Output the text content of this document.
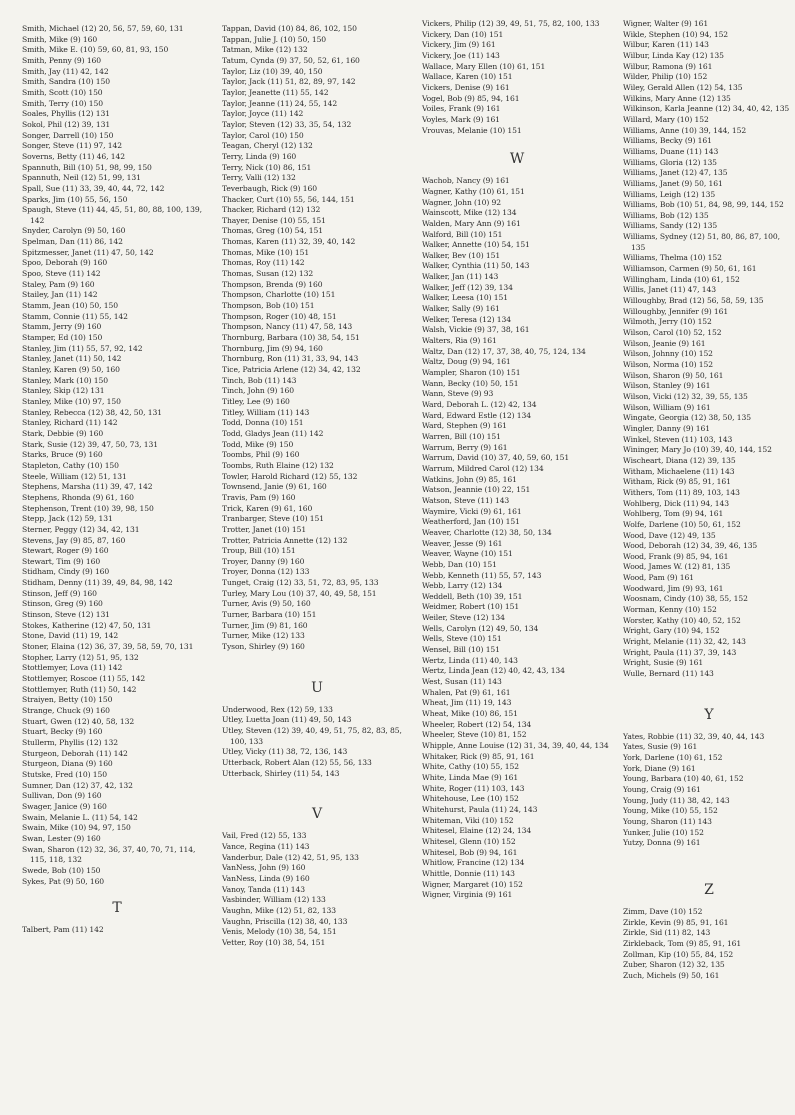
Smith, Michael (12) 20, 56, 57, 59, 60, 131
Smith, Mike (9) 160
Smith, Mike E. (10) 59, 60, 81, 93, 150
Smith, Penny (9) 160
Smith, Jay (11) 42, 142
Smith, Sandra (10) 150
Smith, Scott (10) 150
Smith, Terry (10) 150
Soales, Phyllis (12) 131
Sokol, Phil (12) 39, 131
Songer, Darrell (10) 150
Songer, Steve (11) 97, 142
Soverns, Betty (11) 46, 142
Spannuth, Bill (10) 51, 98, 99, 150
Spannuth, Neil (12) 51, 99, 131
Spall, Sue (11) 33, 39, 40, 44, 72, 142
Sparks, Jim (10) 55, 56, 150
Spaugh, Steve (11) 44, 45, 51, 80, 88, 100, 139, 142
Snyder, Carolyn (9) 50, 160
Spelman, Dan (11) 86, 142
Spitzmesser, Janet (11) 47, 50, 142
Spoo, Deborah (9) 160
Spoo, Steve (11) 142
Staley, Pam (9) 160
Stailey, Jan (11) 142
Stamm, Jean (10) 50, 150
Stamm, Connie (11) 55, 142
Stamm, Jerry (9) 160
Stamper, Ed (10) 150
Stanley, Jim (11) 55, 57, 92, 142
Stanley, Janet (11) 50, 142
Stanley, Karen (9) 50, 160
Stanley, Mark (10) 150
Stanley, Skip (12) 131
Stanley, Mike (10) 97, 150
Stanley, Rebecca (12) 38, 42, 50, 131
Stanley, Richard (11) 142
Stark, Debbie (9) 160
Stark, Susie (12) 39, 47, 50, 73, 131
Starks, Bruce (9) 160
Stapleton, Cathy (10) 150
Steele, William (12) 51, 131
Stephens, Marsha (11) 39, 47, 142
Stephens, Rhonda (9) 61, 160
Stephenson, Trent (10) 39, 98, 150
Stepp, Jack (12) 59, 131
Sterner, Peggy (12) 34, 42, 131
Stevens, Jay (9) 85, 87, 160
Stewart, Roger (9) 160
Stewart, Tim (9) 160
Stidham, Cindy (9) 160
Stidham, Denny (11) 39, 49, 84, 98, 142
Stinson, Jeff (9) 160
Stinson, Greg (9) 160
Stinson, Steve (12) 131
Stokes, Katherine (12) 47, 50, 131
Stone, David (11) 19, 142
Stoner, Elaina (12) 36, 37, 39, 58, 59, 70, 131
Stopher, Larry (12) 51, 95, 132
Stottlemyer, Lova (11) 142
Stottlemyer, Roscoe (11) 55, 142
Stottlemyer, Ruth (11) 50, 142
Straiyen, Betty (10) 150
Strange, Chuck (9) 160
Stuart, Gwen (12) 40, 58, 132
Stuart, Becky (9) 160
Stullerm, Phyllis (12) 132
Sturgeon, Deborah (11) 142
Sturgeon, Diana (9) 160
Stutske, Fred (10) 150
Sumner, Dan (12) 37, 42, 132
Sullivan, Don (9) 160
Swager, Janice (9) 160
Swain, Melanie L. (11) 54, 142
Swain, Mike (10) 94, 97, 150
Swan, Lester (9) 160
Swan, Sharon (12) 32, 36, 37, 40, 70, 71, 114, 115, 118, 132
Swede, Bob (10) 150
Sykes, Pat (9) 50, 160
T
Talbert, Pam (11) 142
Tappan, David (10) 84, 86, 102, 150
Tappan, Julie J. (10) 50, 150
Tatman, Mike (12) 132
Tatum, Cynda (9) 37, 50, 52, 61, 160
Taylor, Liz (10) 39, 40, 150
Taylor, Jack (11) 51, 82, 89, 97, 142
Taylor, Jeanette (11) 55, 142
Taylor, Jeanne (11) 24, 55, 142
Taylor, Joyce (11) 142
Taylor, Steven (12) 33, 35, 54, 132
Taylor, Carol (10) 150
Teagan, Cheryl (12) 132
Terry, Linda (9) 160
Terry, Nick (10) 86, 151
Terry, Valli (12) 132
Teverbaugh, Rick (9) 160
Thacker, Curt (10) 55, 56, 144, 151
Thacker, Richard (12) 132
Thayer, Denise (10) 55, 151
Thomas, Greg (10) 54, 151
Thomas, Karen (11) 32, 39, 40, 142
Thomas, Mike (10) 151
Thomas, Roy (11) 142
Thomas, Susan (12) 132
Thompson, Brenda (9) 160
Thompson, Charlotte (10) 151
Thompson, Bob (10) 151
Thompson, Roger (10) 48, 151
Thompson, Nancy (11) 47, 58, 143
Thornburg, Barbara (10) 38, 54, 151
Thornburg, Jim (9) 94, 160
Thornburg, Ron (11) 31, 33, 94, 143
Tice, Patricia Arlene (12) 34, 42, 132
Tinch, Bob (11) 143
Tinch, John (9) 160
Titley, Lee (9) 160
Titley, William (11) 143
Todd, Donna (10) 151
Todd, Gladys Jean (11) 142
Todd, Mike (9) 150
Toombs, Phil (9) 160
Toombs, Ruth Elaine (12) 132
Towler, Harold Richard (12) 55, 132
Townsend, Janie (9) 61, 160
Travis, Pam (9) 160
Trick, Karen (9) 61, 160
Tranbarger, Steve (10) 151
Trotter, Janet (10) 151
Trotter, Patricia Annette (12) 132
Troup, Bill (10) 151
Troyer, Danny (9) 160
Troyer, Donna (12) 133
Tunget, Craig (12) 33, 51, 72, 83, 95, 133
Turley, Mary Lou (10) 37, 40, 49, 58, 151
Turner, Avis (9) 50, 160
Turner, Barbara (10) 151
Turner, Jim (9) 81, 160
Turner, Mike (12) 133
Tyson, Shirley (9) 160
U
Underwood, Rex (12) 59, 133
Utley, Luetta Joan (11) 49, 50, 143
Utley, Steven (12) 39, 40, 49, 51, 75, 82, 83, 85, 100, 133
Utley, Vicky (11) 38, 72, 136, 143
Utterback, Robert Alan (12) 55, 56, 133
Utterback, Shirley (11) 54, 143
V
Vail, Fred (12) 55, 133
Vance, Regina (11) 143
Vanderbur, Dale (12) 42, 51, 95, 133
VanNess, John (9) 160
VanNess, Linda (9) 160
Vanoy, Tanda (11) 143
Vasbinder, William (12) 133
Vaughn, Mike (12) 51, 82, 133
Vaughn, Priscilla (12) 38, 40, 133
Venis, Melody (10) 38, 54, 151
Vetter, Roy (10) 38, 54, 151
Vickers, Philip (12) 39, 49, 51, 75, 82, 100, 133
Vickery, Dan (10) 151
Vickery, Jim (9) 161
Vickery, Joe (11) 143
Wallace, Mary Ellen (10) 61, 151
Wallace, Karen (10) 151
Vickers, Denise (9) 161
Vogel, Bob (9) 85, 94, 161
Voiles, Frank (9) 161
Voyles, Mark (9) 161
Vrouvas, Melanie (10) 151
W
Wachob, Nancy (9) 161
Wagner, Kathy (10) 61, 151
Wagner, John (10) 92
Wainscott, Mike (12) 134
Walden, Mary Ann (9) 161
Walford, Bill (10) 151
Walker, Annette (10) 54, 151
Walker, Bev (10) 151
Walker, Cynthia (11) 50, 143
Walker, Jan (11) 143
Walker, Jeff (12) 39, 134
Walker, Leesa (10) 151
Walker, Sally (9) 161
Welker, Teresa (12) 134
Walsh, Vickie (9) 37, 38, 161
Walters, Ria (9) 161
Waltz, Dan (12) 17, 37, 38, 40, 75, 124, 134
Waltz, Doug (9) 94, 161
Wampler, Sharon (10) 151
Wann, Becky (10) 50, 151
Wann, Steve (9) 93
Ward, Deborah L. (12) 42, 134
Ward, Edward Estle (12) 134
Ward, Stephen (9) 161
Warren, Bill (10) 151
Warrum, Berry (9) 161
Warrum, David (10) 37, 40, 59, 60, 151
Warrum, Mildred Carol (12) 134
Watkins, John (9) 85, 161
Watson, Jeannie (10) 22, 151
Watson, Steve (11) 143
Waymire, Vicki (9) 61, 161
Weatherford, Jan (10) 151
Weaver, Charlotte (12) 38, 50, 134
Weaver, Jesse (9) 161
Weaver, Wayne (10) 151
Webb, Dan (10) 151
Webb, Kenneth (11) 55, 57, 143
Webb, Larry (12) 134
Weddell, Beth (10) 39, 151
Weidmer, Robert (10) 151
Weiler, Steve (12) 134
Wells, Carolyn (12) 49, 50, 134
Wells, Steve (10) 151
Wensel, Bill (10) 151
Wertz, Linda (11) 40, 143
Wertz, Linda Jean (12) 40, 42, 43, 134
West, Susan (11) 143
Whalen, Pat (9) 61, 161
Wheat, Jim (11) 19, 143
Wheat, Mike (10) 86, 151
Wheeler, Robert (12) 54, 134
Wheeler, Steve (10) 81, 152
Whipple, Anne Louise (12) 31, 34, 39, 40, 44, 134
Whitaker, Rick (9) 85, 91, 161
White, Cathy (10) 55, 152
White, Linda Mae (9) 161
White, Roger (11) 103, 143
Whitehouse, Lee (10) 152
Whitehurst, Paula (11) 24, 143
Whiteman, Viki (10) 152
Whitesel, Elaine (12) 24, 134
Whitesel, Glenn (10) 152
Whitesel, Bob (9) 94, 161
Whitlow, Francine (12) 134
Whittle, Donnie (11) 143
Wigner, Margaret (10) 152
Wigner, Virginia (9) 161
Wigner, Walter (9) 161
Wikle, Stephen (10) 94, 152
Wilbur, Karen (11) 143
Wilbur, Linda Kay (12) 135
Wilbur, Ramona (9) 161
Wilder, Philip (10) 152
Wiley, Gerald Allen (12) 54, 135
Wilkins, Mary Anne (12) 135
Wilkinson, Karla Jeanne (12) 34, 40, 42, 135
Willard, Mary (10) 152
Williams, Anne (10) 39, 144, 152
Williams, Becky (9) 161
Williams, Duane (11) 143
Williams, Gloria (12) 135
Williams, Janet (12) 47, 135
Williams, Janet (9) 50, 161
Williams, Leigh (12) 135
Williams, Bob (10) 51, 84, 98, 99, 144, 152
Williams, Bob (12) 135
Williams, Sandy (12) 135
Williams, Sydney (12) 51, 80, 86, 87, 100, 135
Williams, Thelma (10) 152
Williamson, Carmen (9) 50, 61, 161
Willingham, Linda (10) 61, 152
Willis, Janet (11) 47, 143
Willoughby, Brad (12) 56, 58, 59, 135
Willoughby, Jennifer (9) 161
Wilmoth, Jerry (10) 152
Wilson, Carol (10) 52, 152
Wilson, Jeanie (9) 161
Wilson, Johnny (10) 152
Wilson, Norma (10) 152
Wilson, Sharon (9) 50, 161
Wilson, Stanley (9) 161
Wilson, Vicki (12) 32, 39, 55, 135
Wilson, William (9) 161
Wingate, Georgia (12) 38, 50, 135
Wingler, Danny (9) 161
Winkel, Steven (11) 103, 143
Wininger, Mary Jo (10) 39, 40, 144, 152
Wischeart, Diana (12) 39, 135
Witham, Michaelene (11) 143
Witham, Rick (9) 85, 91, 161
Withers, Tom (11) 89, 103, 143
Wohlberg, Dick (11) 94, 143
Wohlberg, Tom (9) 94, 161
Wolfe, Darlene (10) 50, 61, 152
Wood, Dave (12) 49, 135
Wood, Deborah (12) 34, 39, 46, 135
Wood, Frank (9) 85, 94, 161
Wood, James W. (12) 81, 135
Wood, Pam (9) 161
Woodward, Jim (9) 93, 161
Woosnam, Cindy (10) 38, 55, 152
Worman, Kenny (10) 152
Worster, Kathy (10) 40, 52, 152
Wright, Gary (10) 94, 152
Wright, Melanie (11) 32, 42, 143
Wright, Paula (11) 37, 39, 143
Wright, Susie (9) 161
Wulle, Bernard (11) 143
Y
Yates, Robbie (11) 32, 39, 40, 44, 143
Yates, Susie (9) 161
York, Darlene (10) 61, 152
York, Diane (9) 161
Young, Barbara (10) 40, 61, 152
Young, Craig (9) 161
Young, Judy (11) 38, 42, 143
Young, Mike (10) 55, 152
Young, Sharon (11) 143
Yunker, Julie (10) 152
Yutzy, Donna (9) 161
Z
Zimm, Dave (10) 152
Zirkle, Kevin (9) 85, 91, 161
Zirkle, Sid (11) 82, 143
Zirkleback, Tom (9) 85, 91, 161
Zollman, Kip (10) 55, 84, 152
Zuber, Sharon (12) 32, 135
Zuch, Michels (9) 50, 161
